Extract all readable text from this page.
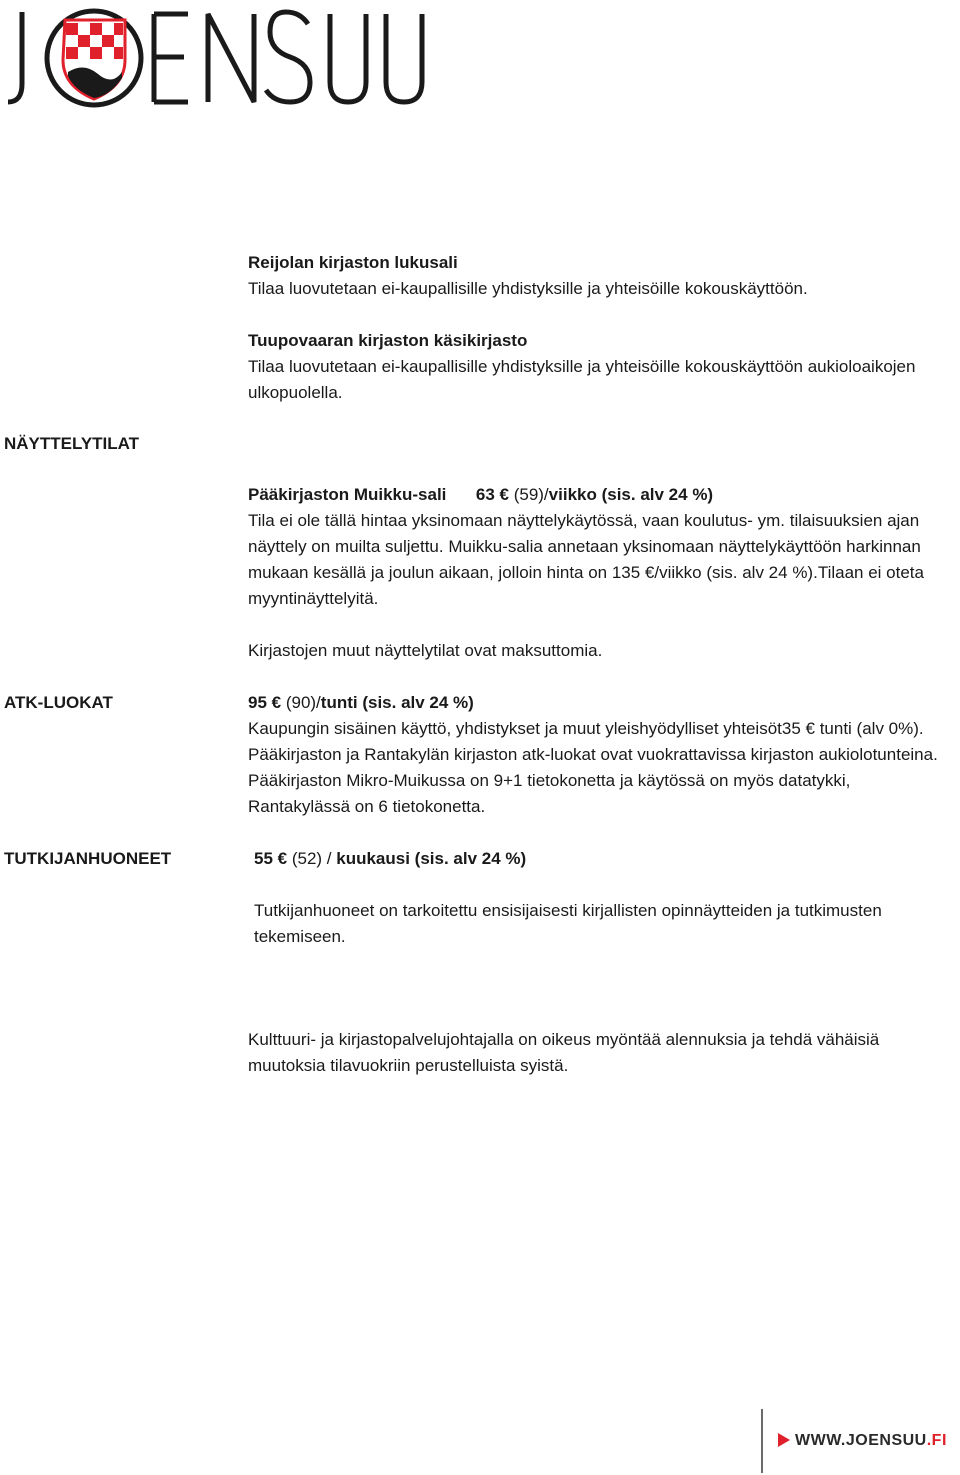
Reijolan kirjaston lukusali

Tilaa luovutetaan ei-kaupallisille yhdistyksille ja yhteisöille kokouskäyttöön.

Tuupovaaran kirjaston käsikirjasto

Tilaa luovutetaan ei-kaupallisille yhdistyksille ja yhteisöille kokouskäyttöön aukioloaikojen ulkopuolella.

NÄYTTELYTILAT

Pääkirjaston Muikku-sali 63 € (59)/viikko (sis. alv 24 %)

Tila ei ole tällä hintaa yksinomaan näyttelykäytössä, vaan koulutus- ym. tilaisuuksien ajan näyttely on muilta suljettu. Muikku-salia annetaan yksinomaan näyttelykäyttöön harkinnan mukaan kesällä ja joulun aikaan, jolloin hinta on 135 €/viikko (sis. alv 24 %).Tilaan ei oteta myyntinäyttelyitä.

Kirjastojen muut näyttelytilat ovat maksuttomia.

ATK-LUOKAT	95 € (90)/tunti (sis. alv 24 %)

Kaupungin sisäinen käyttö, yhdistykset ja muut yleishyödylliset yhteisöt35 € tunti (alv 0%). Pääkirjaston ja Rantakylän kirjaston atk-luokat ovat vuokrattavissa kirjaston aukiolotunteina. Pääkirjaston Mikro-Muikussa on 9+1 tietokonetta ja käytössä on myös datatykki, Rantakylässä on 6 tietokonetta.

TUTKIJANHUONEET	55 € (52) / kuukausi (sis. alv 24 %)
Tutkijanhuoneet on tarkoitettu ensisijaisesti kirjallisten opinnäytteiden ja tutkimusten tekemiseen.
Kulttuuri- ja kirjastopalvelujohtajalla on oikeus myöntää alennuksia ja tehdä vähäisiä muutoksia tilavuokriin perustelluista syistä.
WWW.JOENSUU.FI
